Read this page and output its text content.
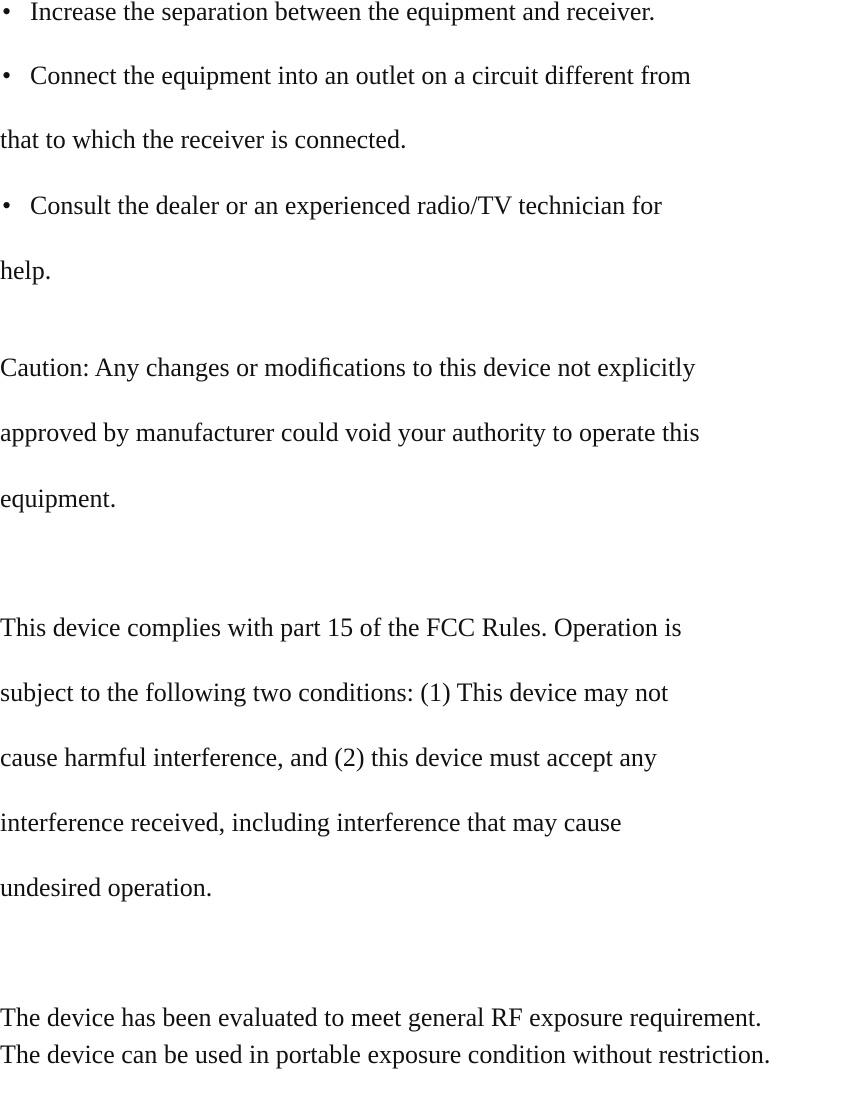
• Increase the separation between the equipment and receiver.
• Connect the equipment into an outlet on a circuit different from
that to which the receiver is connected.
• Consult the dealer or an experienced radio/TV technician for
help.
Caution: Any changes or modiﬁcations to this device not explicitly
approved by manufacturer could void your authority to operate this
equipment.
This device complies with part 15 of the FCC Rules. Operation is
subject to the following two conditions: (1) This device may not
cause harmful interference, and (2) this device must accept any
interference received, including interference that may cause
undesired operation.
The device has been evaluated to meet general RF exposure requirement.
The device can be used in portable exposure condition without restriction.
